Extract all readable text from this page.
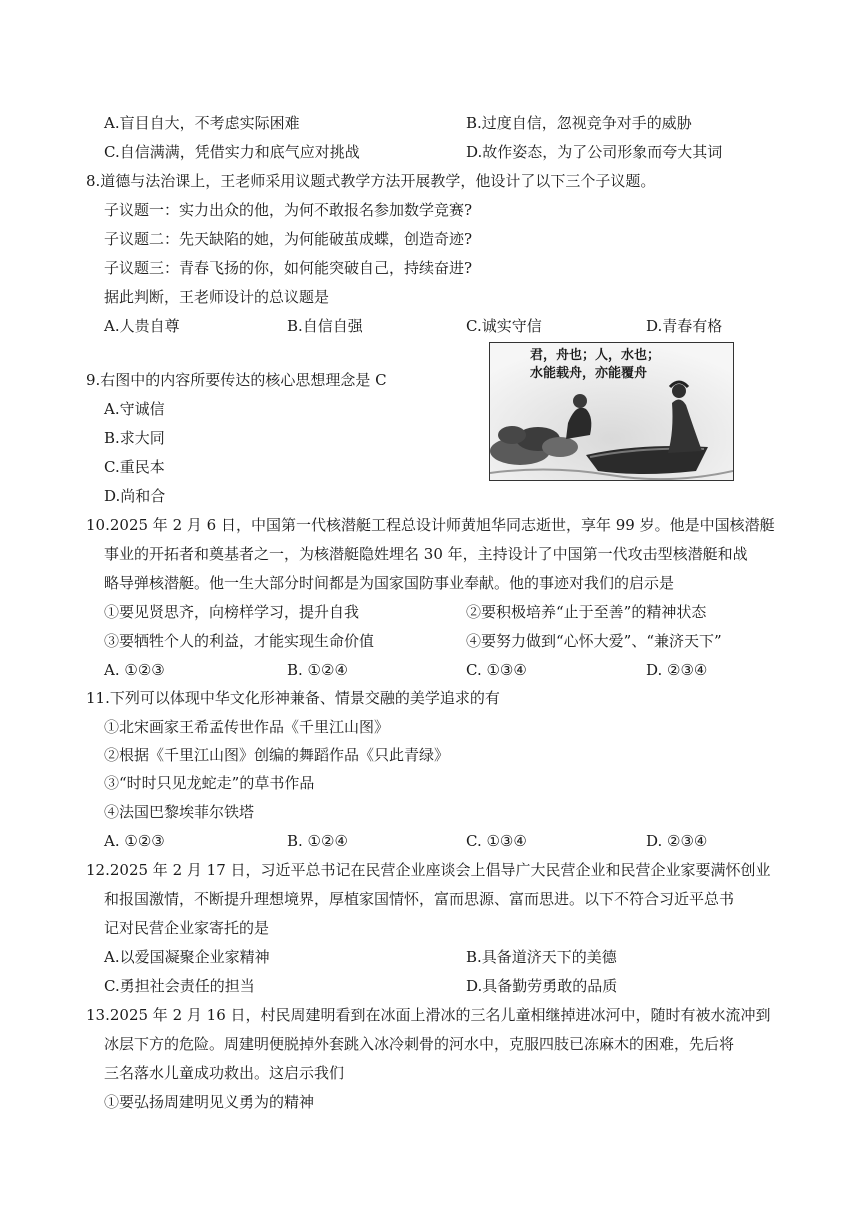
A.盲目自大，不考虑实际困难	B.过度自信，忽视竞争对手的威胁
C.自信满满，凭借实力和底气应对挑战	D.故作姿态，为了公司形象而夸大其词
8.道德与法治课上，王老师采用议题式教学方法开展教学，他设计了以下三个子议题。
子议题一：实力出众的他，为何不敢报名参加数学竞赛?
子议题二：先天缺陷的她，为何能破茧成蝶，创造奇迹?
子议题三：青春飞扬的你，如何能突破自己，持续奋进?
据此判断，王老师设计的总议题是
A.人贵自尊	B.自信自强	C.诚实守信	D.青春有格
9.右图中的内容所要传达的核心思想理念是 C
A.守诚信
B.求大同
C.重民本
D.尚和合
君，舟也；人，水也；
水能载舟，亦能覆舟
10.2025 年 2 月 6 日，中国第一代核潜艇工程总设计师黄旭华同志逝世，享年 99 岁。他是中国核潜艇
事业的开拓者和奠基者之一，为核潜艇隐姓埋名 30 年，主持设计了中国第一代攻击型核潜艇和战
略导弹核潜艇。他一生大部分时间都是为国家国防事业奉献。他的事迹对我们的启示是
①要见贤思齐，向榜样学习，提升自我	②要积极培养“止于至善”的精神状态
③要牺牲个人的利益，才能实现生命价值	④要努力做到“心怀大爱”、“兼济天下”
A. ①②③	B. ①②④	C. ①③④	D. ②③④
11.下列可以体现中华文化形神兼备、情景交融的美学追求的有
①北宋画家王希孟传世作品《千里江山图》
②根据《千里江山图》创编的舞蹈作品《只此青绿》
③“时时只见龙蛇走”的草书作品
④法国巴黎埃菲尔铁塔
A. ①②③	B. ①②④	C. ①③④	D. ②③④
12.2025 年 2 月 17 日，习近平总书记在民营企业座谈会上倡导广大民营企业和民营企业家要满怀创业
和报国激情，不断提升理想境界，厚植家国情怀，富而思源、富而思进。以下不符合习近平总书
记对民营企业家寄托的是
A.以爱国凝聚企业家精神	B.具备道济天下的美德
C.勇担社会责任的担当	D.具备勤劳勇敢的品质
13.2025 年 2 月 16 日，村民周建明看到在冰面上滑冰的三名儿童相继掉进冰河中，随时有被水流冲到
冰层下方的危险。周建明便脱掉外套跳入冰冷刺骨的河水中，克服四肢已冻麻木的困难，先后将
三名落水儿童成功救出。这启示我们
①要弘扬周建明见义勇为的精神
